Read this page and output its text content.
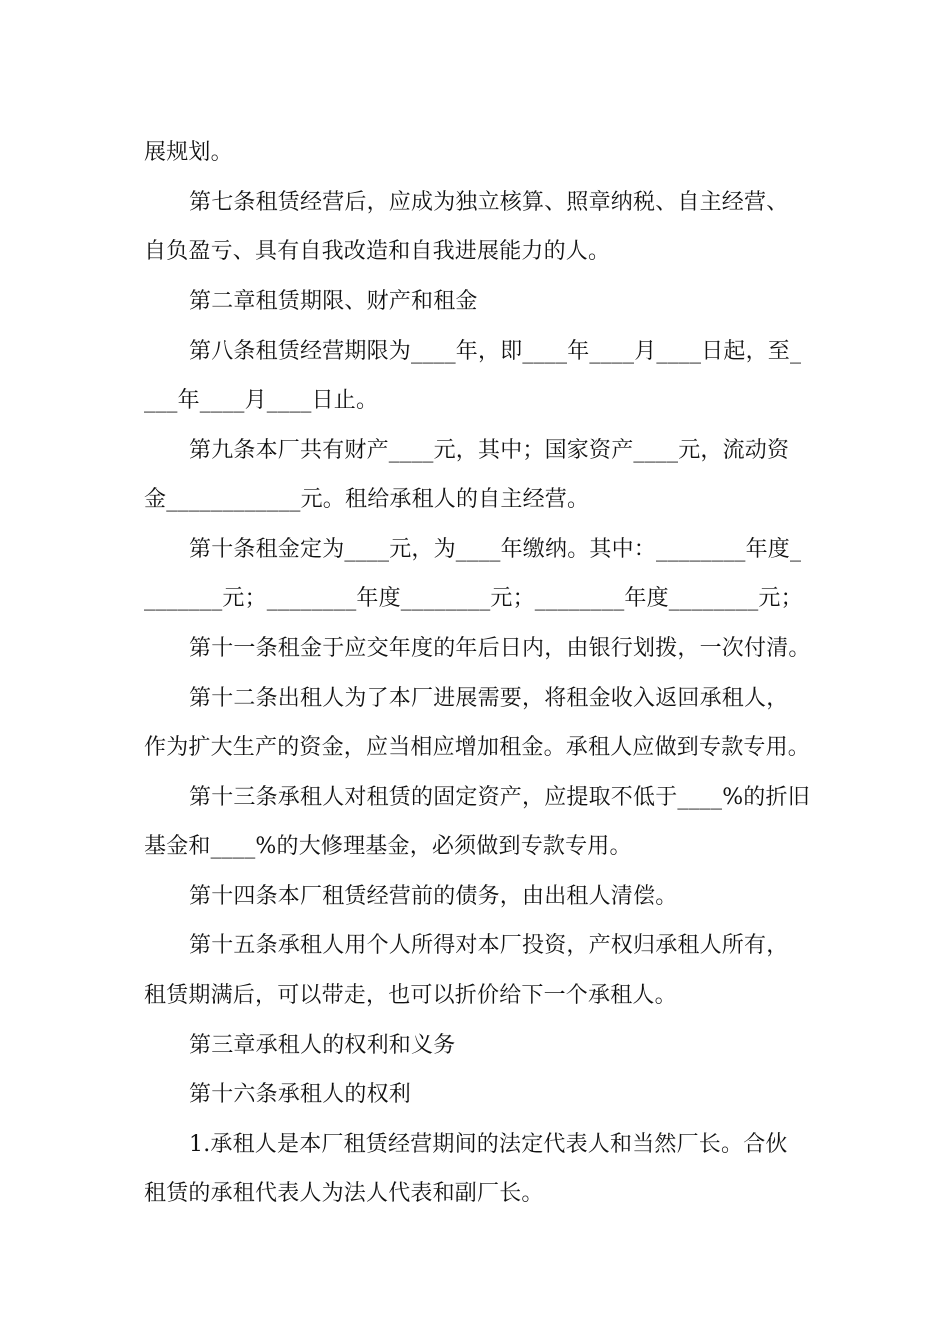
展规划。
第七条租赁经营后，应成为独立核算、照章纳税、自主经营、
自负盈亏、具有自我改造和自我进展能力的人。
第二章租赁期限、财产和租金
第八条租赁经营期限为____年，即____年____月____日起，至_
___年____月____日止。
第九条本厂共有财产____元，其中；国家资产____元，流动资
金____________元。租给承租人的自主经营。
第十条租金定为____元，为____年缴纳。其中：________年度_
_______元；________年度________元；________年度________元；
第十一条租金于应交年度的年后日内，由银行划拨，一次付清。
第十二条出租人为了本厂进展需要，将租金收入返回承租人，
作为扩大生产的资金，应当相应增加租金。承租人应做到专款专用。
第十三条承租人对租赁的固定资产，应提取不低于____%的折旧
基金和____%的大修理基金，必须做到专款专用。
第十四条本厂租赁经营前的债务，由出租人清偿。
第十五条承租人用个人所得对本厂投资，产权归承租人所有，
租赁期满后，可以带走，也可以折价给下一个承租人。
第三章承租人的权利和义务
第十六条承租人的权利
1.承租人是本厂租赁经营期间的法定代表人和当然厂长。合伙
租赁的承租代表人为法人代表和副厂长。
